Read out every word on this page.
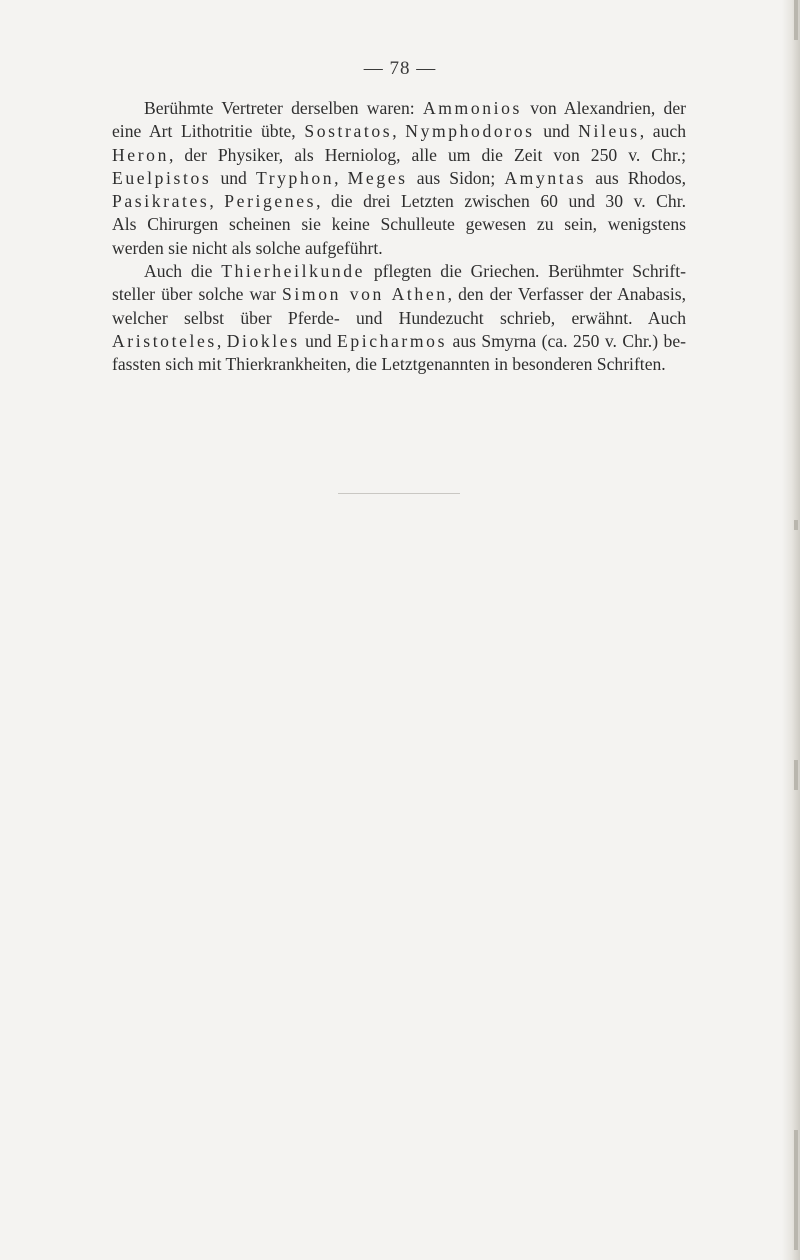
— 78 —
Berühmte Vertreter derselben waren: Ammonios von Alexandrien, der
eine Art Lithotritie übte, Sostratos, Nymphodoros und Nileus, auch
Heron, der Physiker, als Herniolog, alle um die Zeit von 250 v. Chr.;
Euelpistos und Tryphon, Meges aus Sidon; Amyntas aus Rhodos,
Pasikrates, Perigenes, die drei Letzten zwischen 60 und 30 v. Chr.
Als Chirurgen scheinen sie keine Schulleute gewesen zu sein, wenigstens
werden sie nicht als solche aufgeführt.
Auch die Thierheilkunde pflegten die Griechen. Berühmter Schrift-
steller über solche war Simon von Athen, den der Verfasser der Anabasis,
welcher selbst über Pferde- und Hundezucht schrieb, erwähnt. Auch
Aristoteles, Diokles und Epicharmos aus Smyrna (ca. 250 v. Chr.) be-
fassten sich mit Thierkrankheiten, die Letztgenannten in besonderen Schriften.
